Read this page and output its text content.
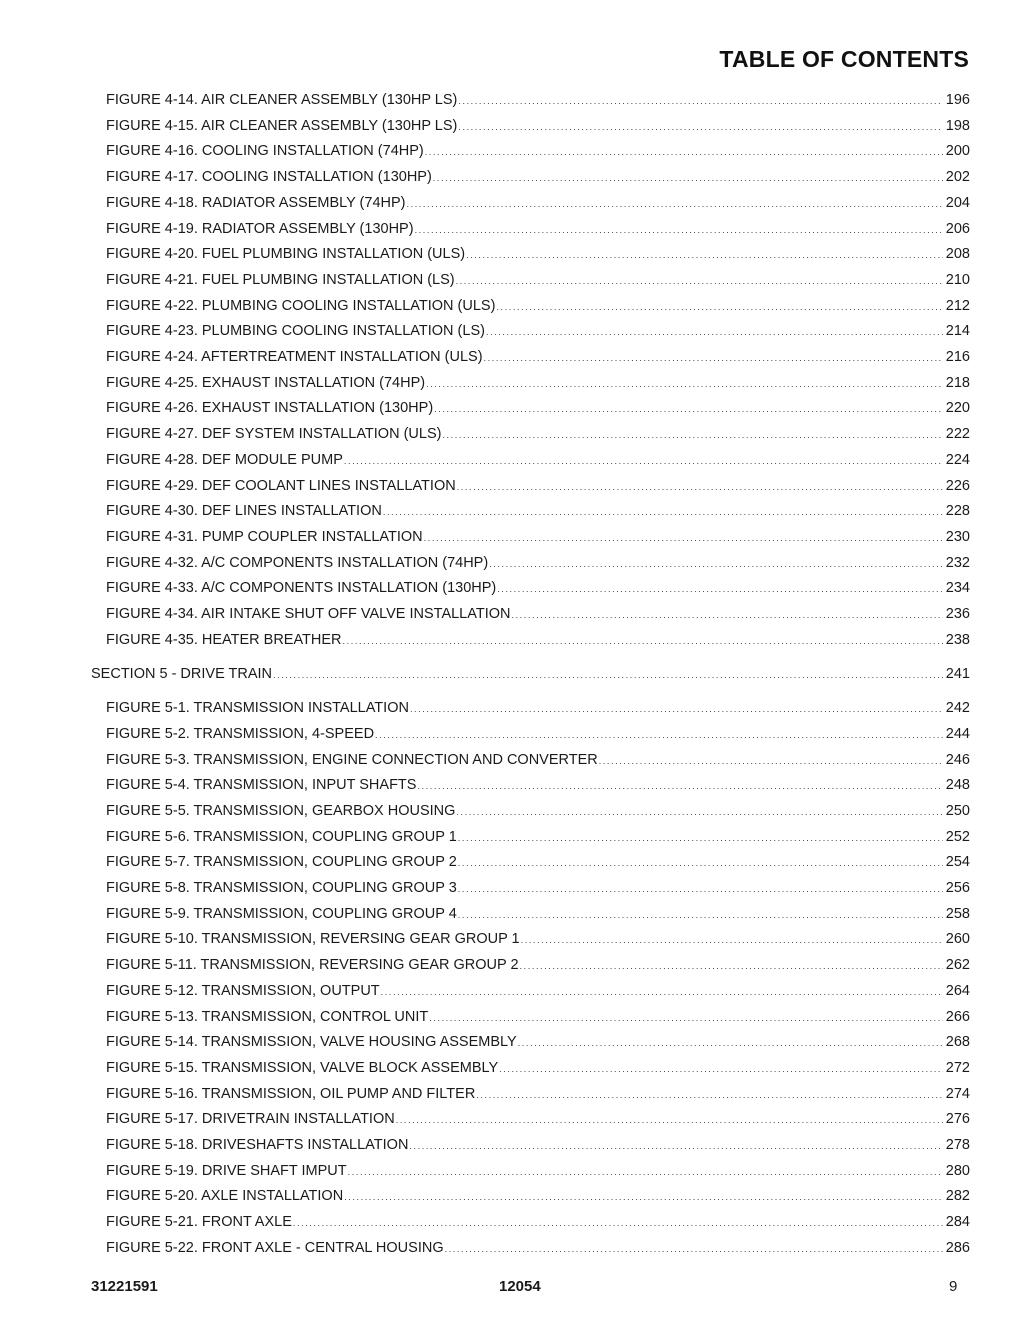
TABLE OF CONTENTS
FIGURE 4-14. AIR CLEANER ASSEMBLY (130HP LS) .....	196
FIGURE 4-15. AIR CLEANER ASSEMBLY (130HP LS) .....	198
FIGURE 4-16. COOLING INSTALLATION (74HP) .....	200
FIGURE 4-17. COOLING INSTALLATION (130HP) .....	202
FIGURE 4-18. RADIATOR ASSEMBLY (74HP) .....	204
FIGURE 4-19. RADIATOR ASSEMBLY (130HP) .....	206
FIGURE 4-20. FUEL PLUMBING INSTALLATION (ULS) .....	208
FIGURE 4-21. FUEL PLUMBING INSTALLATION (LS) .....	210
FIGURE 4-22. PLUMBING COOLING INSTALLATION (ULS) .....	212
FIGURE 4-23. PLUMBING COOLING INSTALLATION (LS) .....	214
FIGURE 4-24. AFTERTREATMENT INSTALLATION (ULS) .....	216
FIGURE 4-25. EXHAUST INSTALLATION (74HP) .....	218
FIGURE 4-26. EXHAUST INSTALLATION (130HP) .....	220
FIGURE 4-27. DEF SYSTEM INSTALLATION (ULS) .....	222
FIGURE 4-28. DEF MODULE PUMP .....	224
FIGURE 4-29. DEF COOLANT LINES INSTALLATION .....	226
FIGURE 4-30. DEF LINES INSTALLATION .....	228
FIGURE 4-31. PUMP COUPLER INSTALLATION .....	230
FIGURE 4-32. A/C COMPONENTS INSTALLATION (74HP) .....	232
FIGURE 4-33. A/C COMPONENTS INSTALLATION (130HP) .....	234
FIGURE 4-34. AIR INTAKE SHUT OFF VALVE INSTALLATION .....	236
FIGURE 4-35. HEATER BREATHER .....	238
SECTION 5 - DRIVE TRAIN .....	241
FIGURE 5-1. TRANSMISSION INSTALLATION .....	242
FIGURE 5-2. TRANSMISSION, 4-SPEED .....	244
FIGURE 5-3. TRANSMISSION, ENGINE CONNECTION AND CONVERTER .....	246
FIGURE 5-4. TRANSMISSION, INPUT SHAFTS .....	248
FIGURE 5-5. TRANSMISSION, GEARBOX HOUSING .....	250
FIGURE 5-6. TRANSMISSION, COUPLING GROUP 1 .....	252
FIGURE 5-7. TRANSMISSION, COUPLING GROUP 2 .....	254
FIGURE 5-8. TRANSMISSION, COUPLING GROUP 3 .....	256
FIGURE 5-9. TRANSMISSION, COUPLING GROUP 4 .....	258
FIGURE 5-10. TRANSMISSION, REVERSING GEAR GROUP 1 .....	260
FIGURE 5-11. TRANSMISSION, REVERSING GEAR GROUP 2 .....	262
FIGURE 5-12. TRANSMISSION, OUTPUT .....	264
FIGURE 5-13. TRANSMISSION, CONTROL UNIT .....	266
FIGURE 5-14. TRANSMISSION, VALVE HOUSING ASSEMBLY .....	268
FIGURE 5-15. TRANSMISSION, VALVE BLOCK ASSEMBLY .....	272
FIGURE 5-16. TRANSMISSION, OIL PUMP AND FILTER .....	274
FIGURE 5-17. DRIVETRAIN INSTALLATION .....	276
FIGURE 5-18. DRIVESHAFTS INSTALLATION .....	278
FIGURE 5-19. DRIVE SHAFT IMPUT .....	280
FIGURE 5-20. AXLE INSTALLATION .....	282
FIGURE 5-21. FRONT AXLE .....	284
FIGURE 5-22. FRONT AXLE - CENTRAL HOUSING .....	286
31221591	12054	9
